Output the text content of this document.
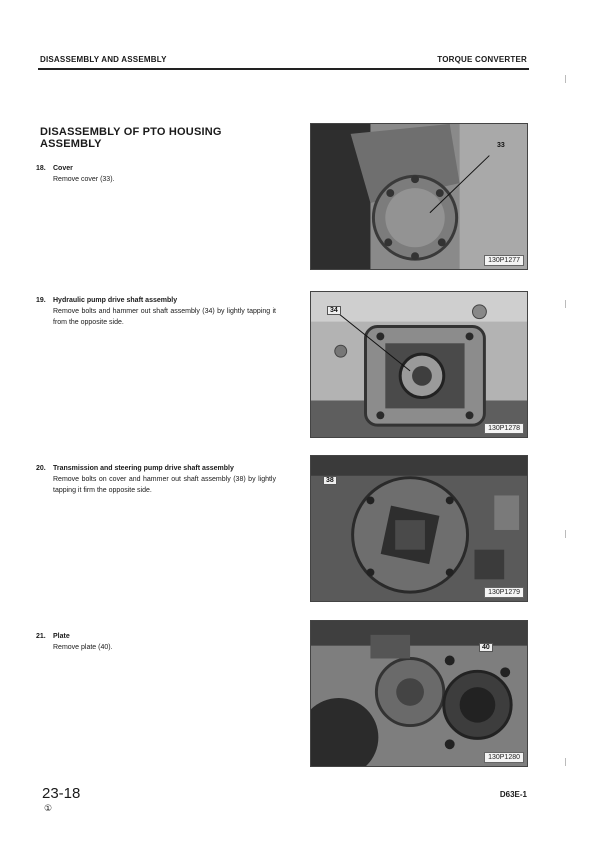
DISASSEMBLY AND ASSEMBLY	TORQUE CONVERTER
DISASSEMBLY OF PTO HOUSING ASSEMBLY
18. Cover
Remove cover (33).
19. Hydraulic pump drive shaft assembly
Remove bolts and hammer out shaft assembly (34) by lightly tapping it from the opposite side.
20. Transmission and steering pump drive shaft assembly
Remove bolts on cover and hammer out shaft assembly (38) by lightly tapping it firm the opposite side.
21. Plate
Remove plate (40).
33
130P1277
34
130P1278
38
130P1279
40
130P1280
23-18
①
D63E-1
